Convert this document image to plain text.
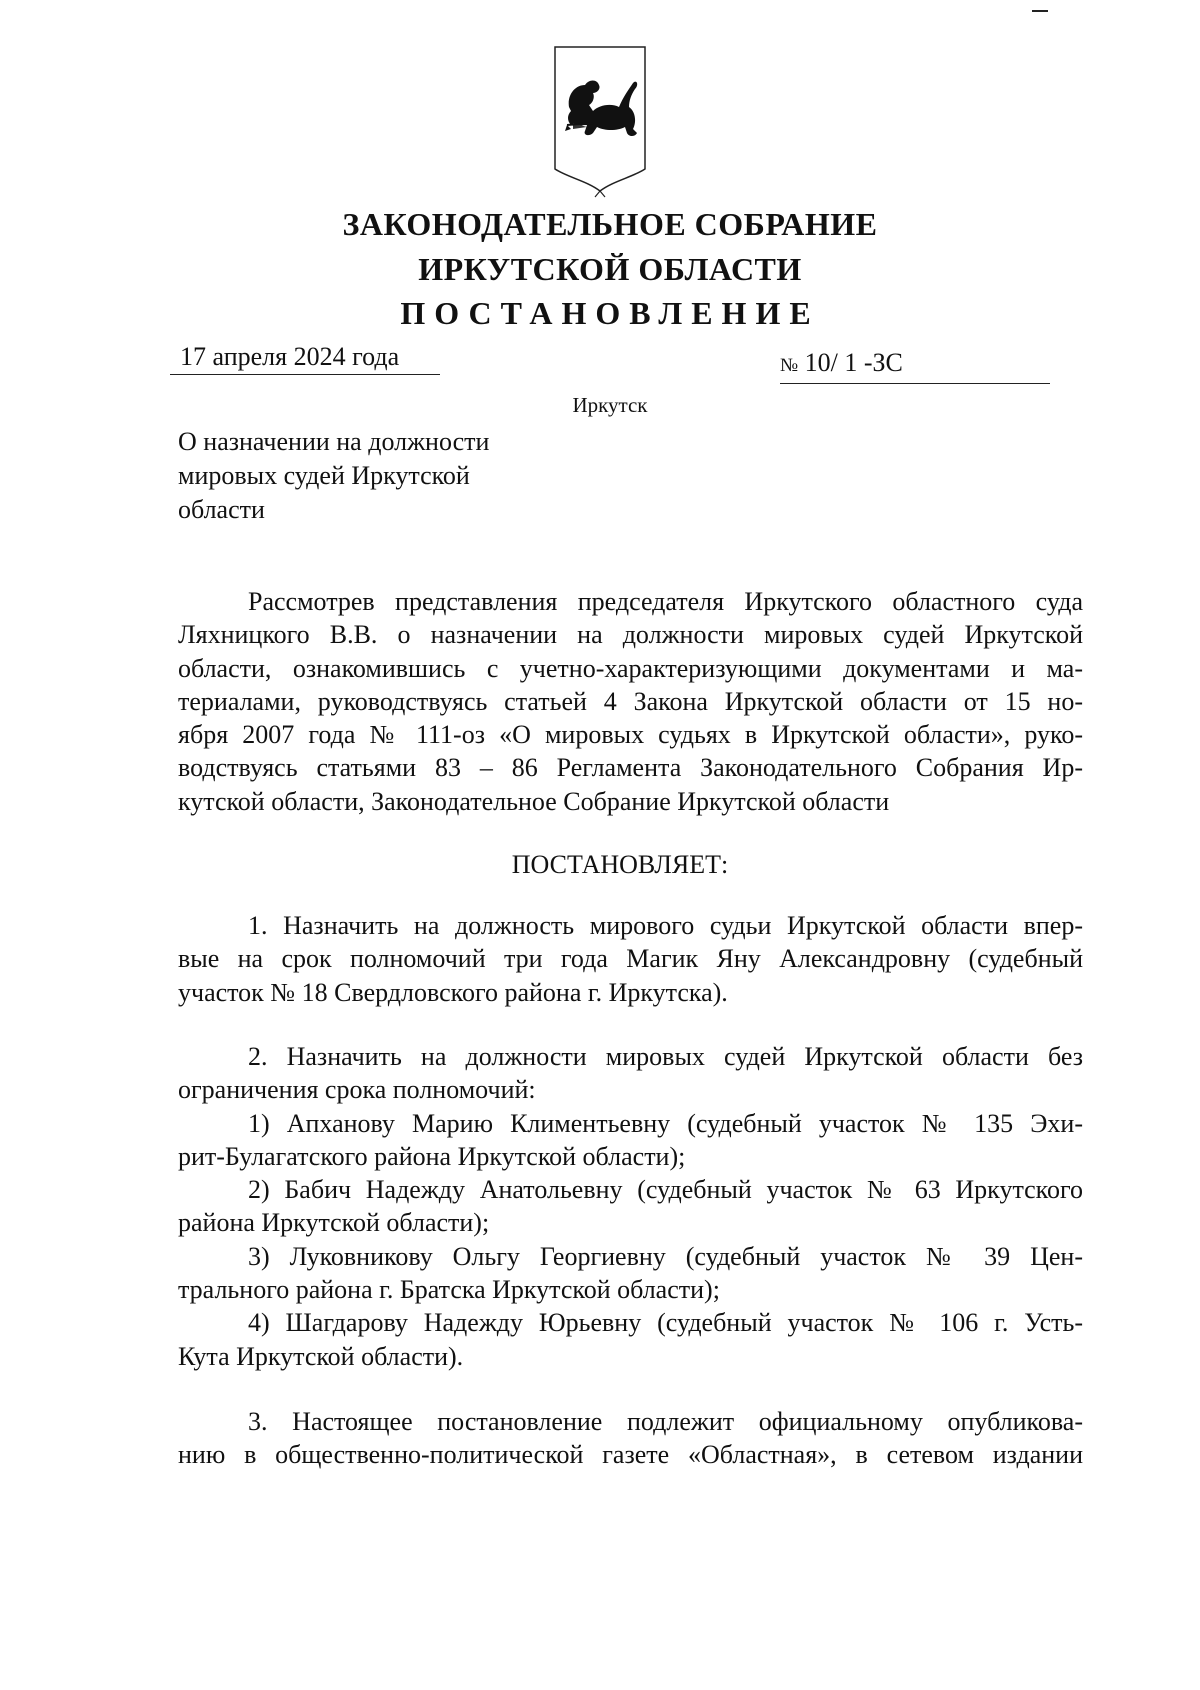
ЗАКОНОДАТЕЛЬНОЕ СОБРАНИЕ
ИРКУТСКОЙ ОБЛАСТИ
ПОСТАНОВЛЕНИЕ
17 апреля 2024 года	№ 10/ 1 -ЗС
Иркутск
О назначении на должности
мировых судей Иркутской
области
Рассмотрев представления председателя Иркутского областного суда
Ляхницкого В.В. о назначении на должности мировых судей Иркутской
области, ознакомившись с учетно-характеризующими документами и ма-
териалами, руководствуясь статьей 4 Закона Иркутской области от 15 но-
ября 2007 года № 111-оз «О мировых судьях в Иркутской области», руко-
водствуясь статьями 83 – 86 Регламента Законодательного Собрания Ир-
кутской области, Законодательное Собрание Иркутской области
ПОСТАНОВЛЯЕТ:
1. Назначить на должность мирового судьи Иркутской области впер-
вые на срок полномочий три года Магик Яну Александровну (судебный
участок № 18 Свердловского района г. Иркутска).
2. Назначить на должности мировых судей Иркутской области без
ограничения срока полномочий:
1) Апханову Марию Климентьевну (судебный участок № 135 Эхи-
рит-Булагатского района Иркутской области);
2) Бабич Надежду Анатольевну (судебный участок № 63 Иркутского
района Иркутской области);
3) Луковникову Ольгу Георгиевну (судебный участок № 39 Цен-
трального района г. Братска Иркутской области);
4) Шагдарову Надежду Юрьевну (судебный участок № 106 г. Усть-
Кута Иркутской области).
3. Настоящее постановление подлежит официальному опубликова-
нию в общественно-политической газете «Областная», в сетевом издании
